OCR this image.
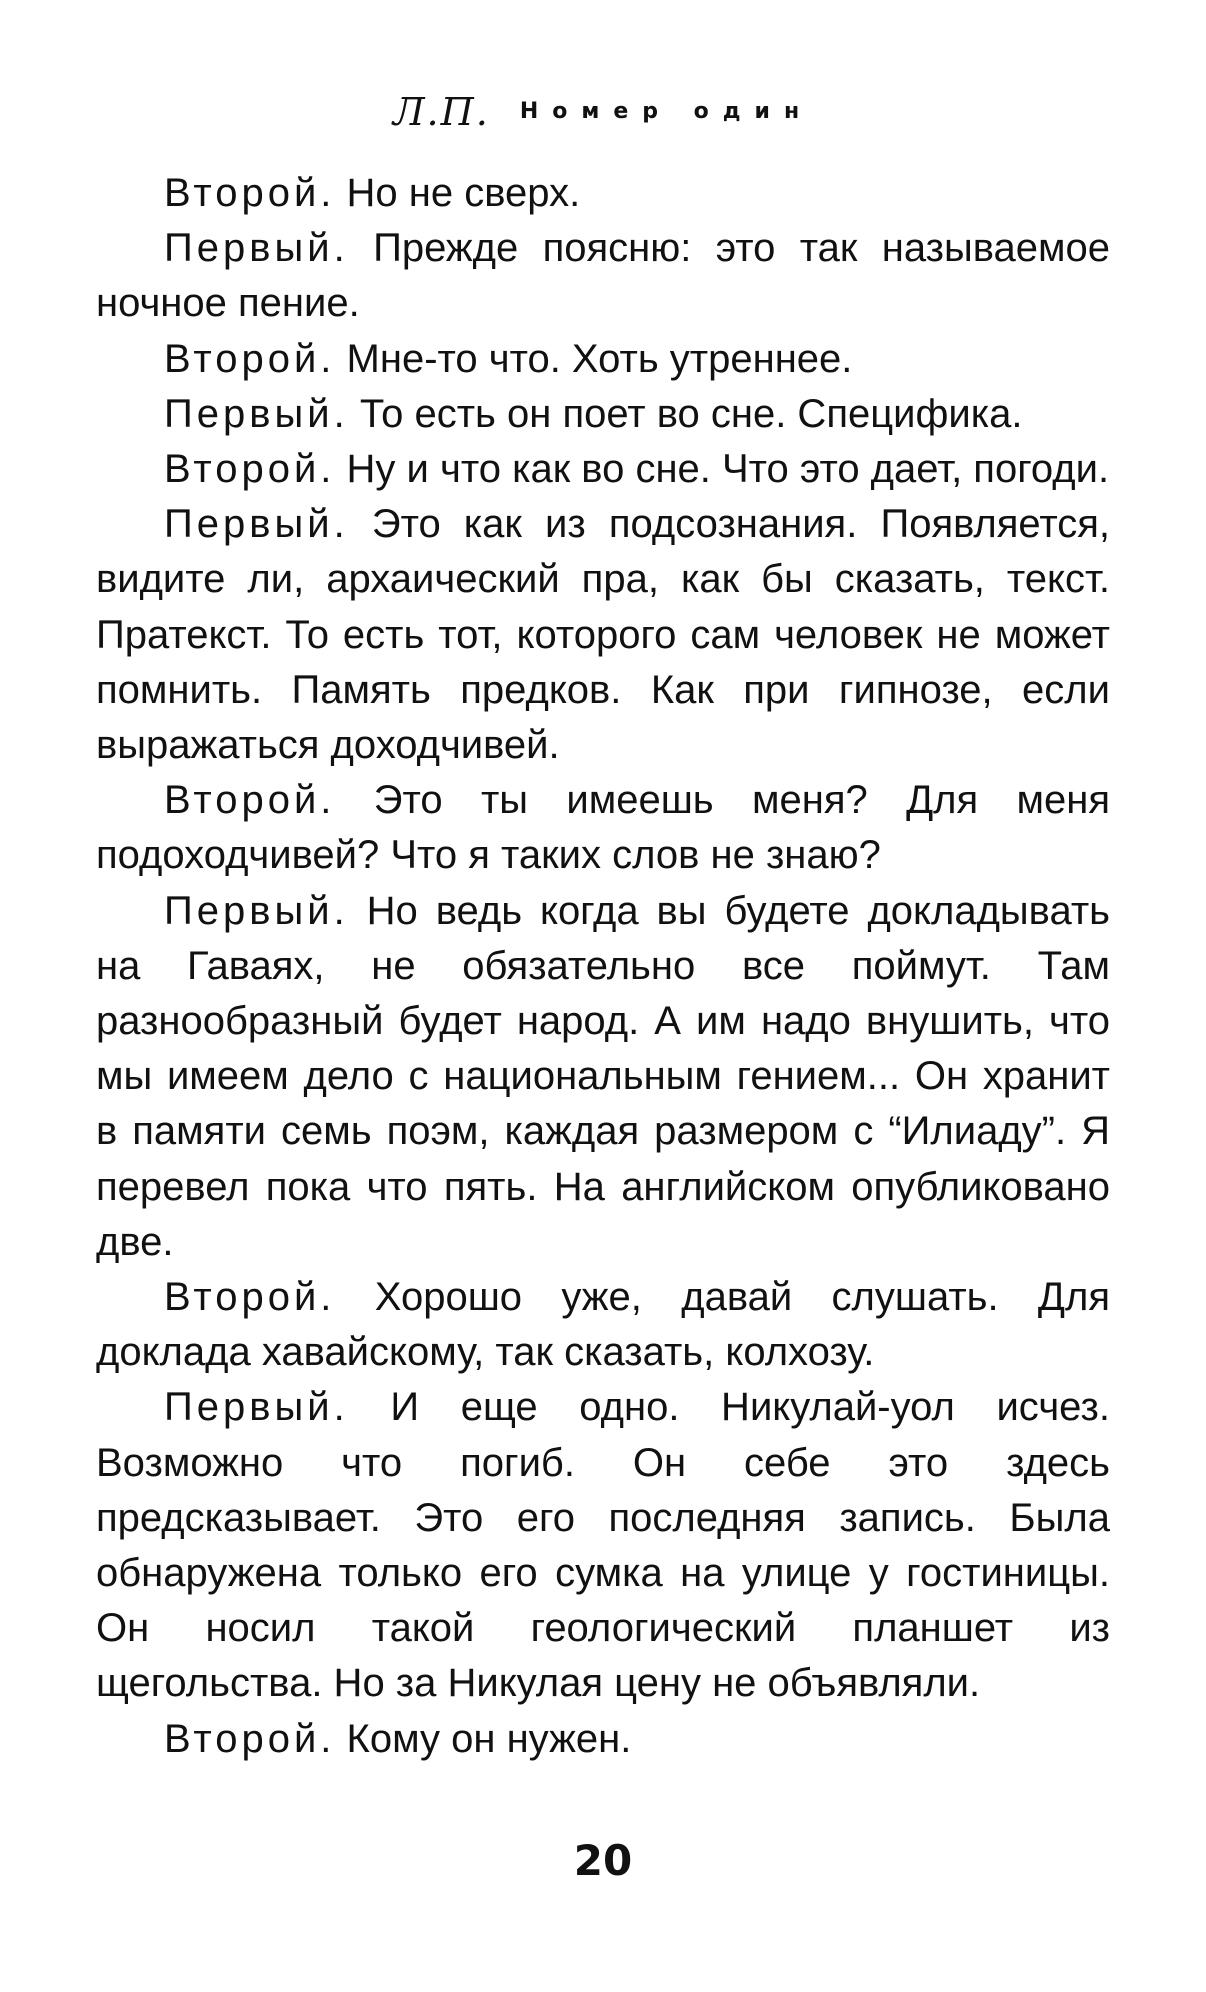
Л.П. Номер один

Второй. Но не сверх.

Первый. Прежде поясню: это так называемое ночное пение.

Второй. Мне-то что. Хоть утреннее.

Первый. То есть он поет во сне. Специфика.

Второй. Ну и что как во сне. Что это дает, погоди.

Первый. Это как из подсознания. Появляется, видите ли, архаический пра, как бы сказать, текст. Пратекст. То есть тот, которого сам человек не может помнить. Память предков. Как при гипнозе, если выражаться доходчивей.

Второй. Это ты имеешь меня? Для меня подоходчивей? Что я таких слов не знаю?

Первый. Но ведь когда вы будете докладывать на Гаваях, не обязательно все поймут. Там разнообразный будет народ. А им надо внушить, что мы имеем дело с национальным гением... Он хранит в памяти семь поэм, каждая размером с “Илиаду”. Я перевел пока что пять. На английском опубликовано две.

Второй. Хорошо уже, давай слушать. Для доклада хавайскому, так сказать, колхозу.

Первый. И еще одно. Никулай-уол исчез. Возможно что погиб. Он себе это здесь предсказывает. Это его последняя запись. Была обнаружена только его сумка на улице у гостиницы. Он носил такой геологический планшет из щегольства. Но за Никулая цену не объявляли.

Второй. Кому он нужен.

20
